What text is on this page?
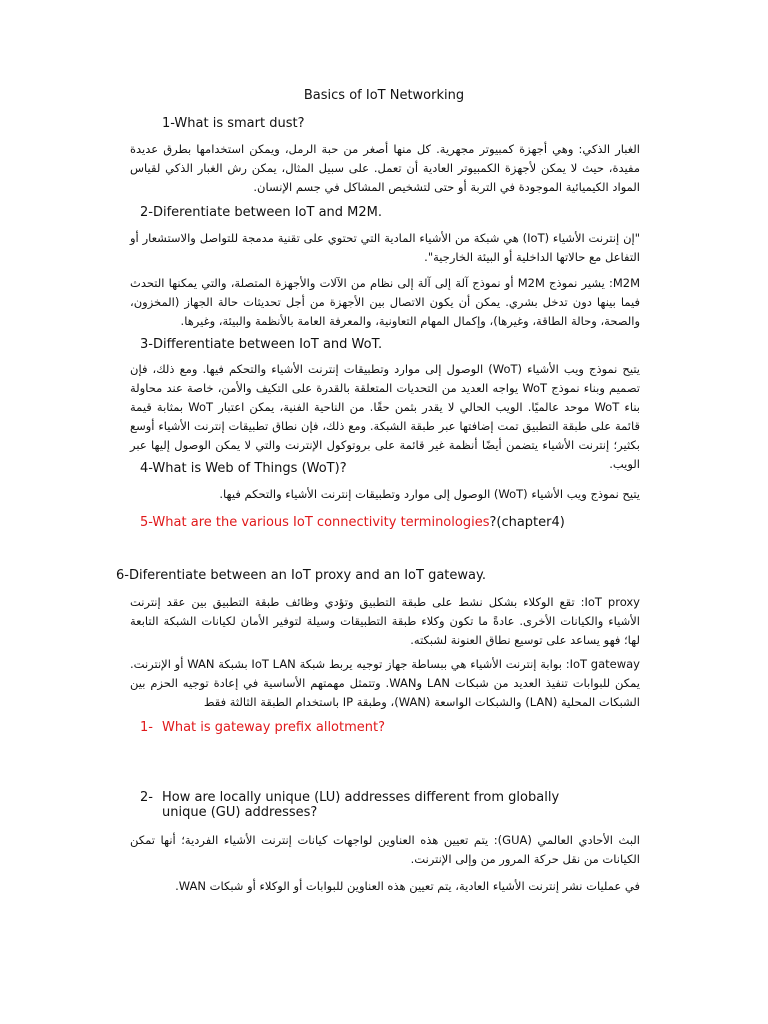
Basics of IoT Networking
1-What is smart dust?

الغبار الذكي: وهي أجهزة كمبيوتر مجهرية. كل منها أصغر من حبة الرمل، ويمكن استخدامها بطرق عديدة مفيدة، حيث لا يمكن لأجهزة الكمبيوتر العادية أن تعمل. على سبيل المثال، يمكن رش الغبار الذكي لقياس المواد الكيميائية الموجودة في التربة أو حتى لتشخيص المشاكل في جسم الإنسان.

2-Diferentiate between IoT and M2M.

"إن إنترنت الأشياء (IoT) هي شبكة من الأشياء المادية التي تحتوي على تقنية مدمجة للتواصل والاستشعار أو التفاعل مع حالاتها الداخلية أو البيئة الخارجية".

M2M: يشير نموذج M2M أو نموذج آلة إلى آلة إلى نظام من الآلات والأجهزة المتصلة، والتي يمكنها التحدث فيما بينها دون تدخل بشري. يمكن أن يكون الاتصال بين الأجهزة من أجل تحديثات حالة الجهاز (المخزون، والصحة، وحالة الطاقة، وغيرها)، وإكمال المهام التعاونية، والمعرفة العامة بالأنظمة والبيئة، وغيرها.

3-Differentiate between IoT and WoT.

يتيح نموذج ويب الأشياء (WoT) الوصول إلى موارد وتطبيقات إنترنت الأشياء والتحكم فيها. ومع ذلك، فإن تصميم وبناء نموذج WoT يواجه العديد من التحديات المتعلقة بالقدرة على التكيف والأمن، خاصة عند محاولة بناء WoT موحد عالميًا. الويب الحالي لا يقدر بثمن حقًا. من الناحية الفنية، يمكن اعتبار WoT بمثابة قيمة قائمة على طبقة التطبيق تمت إضافتها عبر طبقة الشبكة. ومع ذلك، فإن نطاق تطبيقات إنترنت الأشياء أوسع بكثير؛ إنترنت الأشياء يتضمن أيضًا أنظمة غير قائمة على بروتوكول الإنترنت والتي لا يمكن الوصول إليها عبر الويب.

4-What is Web of Things (WoT)?

يتيح نموذج ويب الأشياء (WoT) الوصول إلى موارد وتطبيقات إنترنت الأشياء والتحكم فيها.

5-What are the various IoT connectivity terminologies?(chapter4)
6-Diferentiate between an IoT proxy and an IoT gateway.

IoT proxy: تقع الوكلاء بشكل نشط على طبقة التطبيق وتؤدي وظائف طبقة التطبيق بين عقد إنترنت الأشياء والكيانات الأخرى. عادةً ما تكون وكلاء طبقة التطبيقات وسيلة لتوفير الأمان لكيانات الشبكة التابعة لها؛ فهو يساعد على توسيع نطاق العنونة لشبكته.

IoT gateway: بوابة إنترنت الأشياء هي ببساطة جهاز توجيه يربط شبكة IoT LAN بشبكة WAN أو الإنترنت. يمكن للبوابات تنفيذ العديد من شبكات LAN وWAN. وتتمثل مهمتهم الأساسية في إعادة توجيه الحزم بين الشبكات المحلية (LAN) والشبكات الواسعة (WAN)، وطبقة IP باستخدام الطبقة الثالثة فقط

1- What is gateway prefix allotment?
2- How are locally unique (LU) addresses different from globally unique (GU) addresses?

البث الأحادي العالمي (GUA): يتم تعيين هذه العناوين لواجهات كيانات إنترنت الأشياء الفردية؛ أنها تمكن الكيانات من نقل حركة المرور من وإلى الإنترنت.

في عمليات نشر إنترنت الأشياء العادية، يتم تعيين هذه العناوين للبوابات أو الوكلاء أو شبكات WAN.
